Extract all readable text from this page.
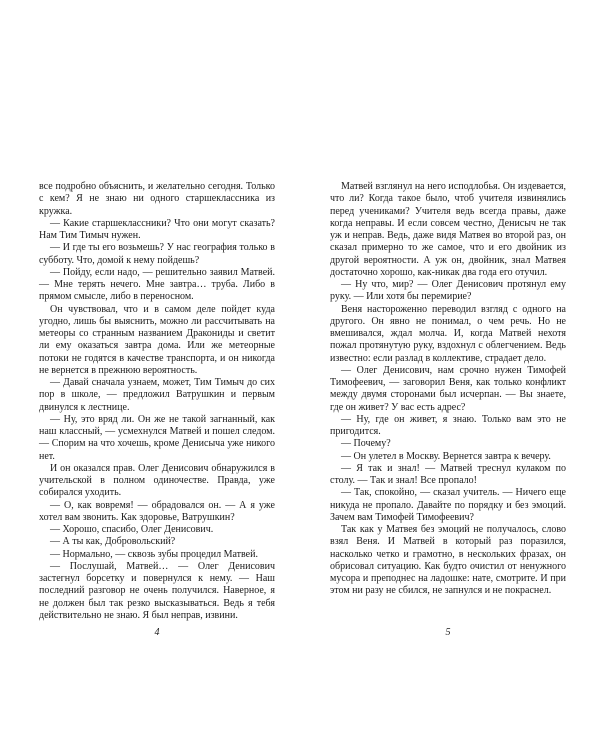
все подробно объяснить, и желательно сегодня. Только с кем? Я не знаю ни одного старшеклассника из кружка.

— Какие старшеклассники? Что они могут сказать? Нам Тим Тимыч нужен.

— И где ты его возьмешь? У нас география только в субботу. Что, домой к нему пойдешь?

— Пойду, если надо, — решительно заявил Матвей. — Мне терять нечего. Мне завтра… труба. Либо в прямом смысле, либо в переносном.

Он чувствовал, что и в самом деле пойдет куда угодно, лишь бы выяснить, можно ли рассчитывать на метеоры со странным названием Дракониды и светит ли ему оказаться завтра дома. Или же метеорные потоки не годятся в качестве транспорта, и он никогда не вернется в прежнюю вероятность.

— Давай сначала узнаем, может, Тим Тимыч до сих пор в школе, — предложил Ватрушкин и первым двинулся к лестнице.

— Ну, это вряд ли. Он же не такой загнанный, как наш классный, — усмехнулся Матвей и пошел следом. — Спорим на что хочешь, кроме Денисыча уже никого нет.

И он оказался прав. Олег Денисович обнаружился в учительской в полном одиночестве. Правда, уже собирался уходить.

— О, как вовремя! — обрадовался он. — А я уже хотел вам звонить. Как здоровье, Ватрушкин?

— Хорошо, спасибо, Олег Денисович.

— А ты как, Добровольский?

— Нормально, — сквозь зубы процедил Матвей.

— Послушай, Матвей… — Олег Денисович застегнул борсетку и повернулся к нему. — Наш последний разговор не очень получился. Наверное, я не должен был так резко высказываться. Ведь я тебя действительно не знаю. Я был неправ, извини.

4

Матвей взглянул на него исподлобья. Он издевается, что ли? Когда такое было, чтоб учителя извинялись перед учениками? Учителя ведь всегда правы, даже когда неправы. И если совсем честно, Денисыч не так уж и неправ. Ведь, даже видя Матвея во второй раз, он сказал примерно то же самое, что и его двойник из другой вероятности. А уж он, двойник, знал Матвея достаточно хорошо, как-никак два года его отучил.

— Ну что, мир? — Олег Денисович протянул ему руку. — Или хотя бы перемирие?

Веня настороженно переводил взгляд с одного на другого. Он явно не понимал, о чем речь. Но не вмешивался, ждал молча. И, когда Матвей нехотя пожал протянутую руку, вздохнул с облегчением. Ведь известно: если разлад в коллективе, страдает дело.

— Олег Денисович, нам срочно нужен Тимофей Тимофеевич, — заговорил Веня, как только конфликт между двумя сторонами был исчерпан. — Вы знаете, где он живет? У вас есть адрес?

— Ну, где он живет, я знаю. Только вам это не пригодится.

— Почему?

— Он улетел в Москву. Вернется завтра к вечеру.

— Я так и знал! — Матвей треснул кулаком по столу. — Так и знал! Все пропало!

— Так, спокойно, — сказал учитель. — Ничего еще никуда не пропало. Давайте по порядку и без эмоций. Зачем вам Тимофей Тимофеевич?

Так как у Матвея без эмоций не получалось, слово взял Веня. И Матвей в который раз поразился, насколько четко и грамотно, в нескольких фразах, он обрисовал ситуацию. Как будто очистил от ненужного мусора и преподнес на ладошке: нате, смотрите. И при этом ни разу не сбился, не запнулся и не покраснел.

5
